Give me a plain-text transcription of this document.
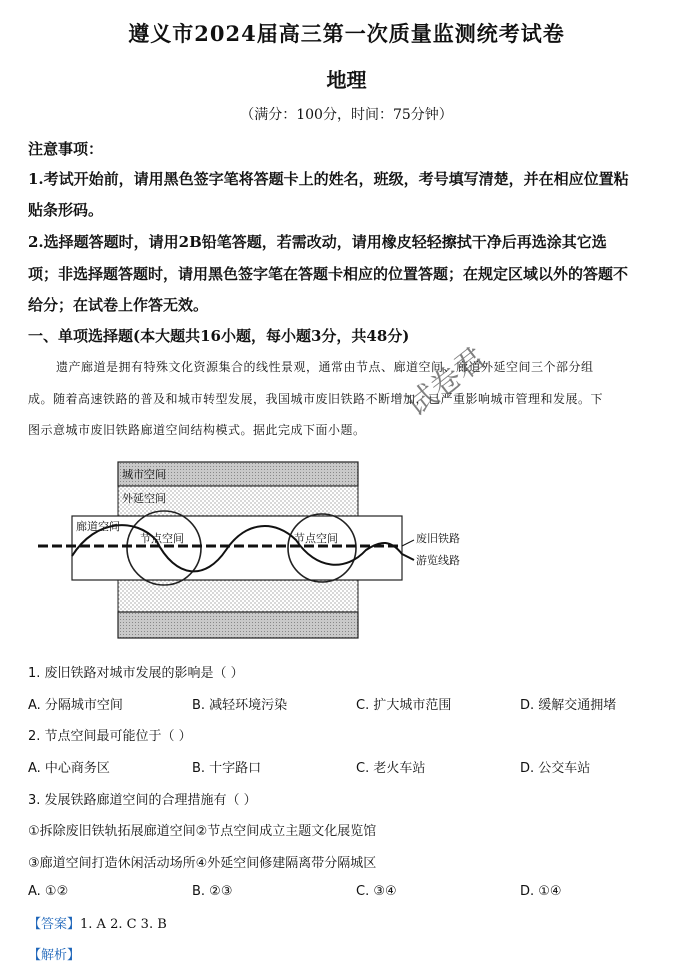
遵义市2024届高三第一次质量监测统考试卷
地理
（满分：100分，时间：75分钟）
注意事项：
1.考试开始前，请用黑色签字笔将答题卡上的姓名，班级，考号填写清楚，并在相应位置粘
贴条形码。
2.选择题答题时，请用2B铅笔答题，若需改动，请用橡皮轻轻擦拭干净后再选涂其它选
项；非选择题答题时，请用黑色签字笔在答题卡相应的位置答题；在规定区域以外的答题不
给分；在试卷上作答无效。
一、单项选择题(本大题共16小题，每小题3分，共48分)
遗产廊道是拥有特殊文化资源集合的线性景观，通常由节点、廊道空间、廊道外延空间三个部分组
成。随着高速铁路的普及和城市转型发展，我国城市废旧铁路不断增加，已严重影响城市管理和发展。下
图示意城市废旧铁路廊道空间结构模式。据此完成下面小题。
试卷君
城市空间
外延空间
廊道空间
节点空间	节点空间	废旧铁路
游览线路
1. 废旧铁路对城市发展的影响是（ ）
A. 分隔城市空间	B. 减轻环境污染	C. 扩大城市范围	D. 缓解交通拥堵
2. 节点空间最可能位于（ ）
A. 中心商务区	B. 十字路口	C. 老火车站	D. 公交车站
3. 发展铁路廊道空间的合理措施有（ ）
①拆除废旧铁轨拓展廊道空间②节点空间成立主题文化展览馆
③廊道空间打造休闲活动场所④外延空间修建隔离带分隔城区
A. ①②	B. ②③	C. ③④	D. ①④
【答案】1. A 2. C 3. B
【解析】
